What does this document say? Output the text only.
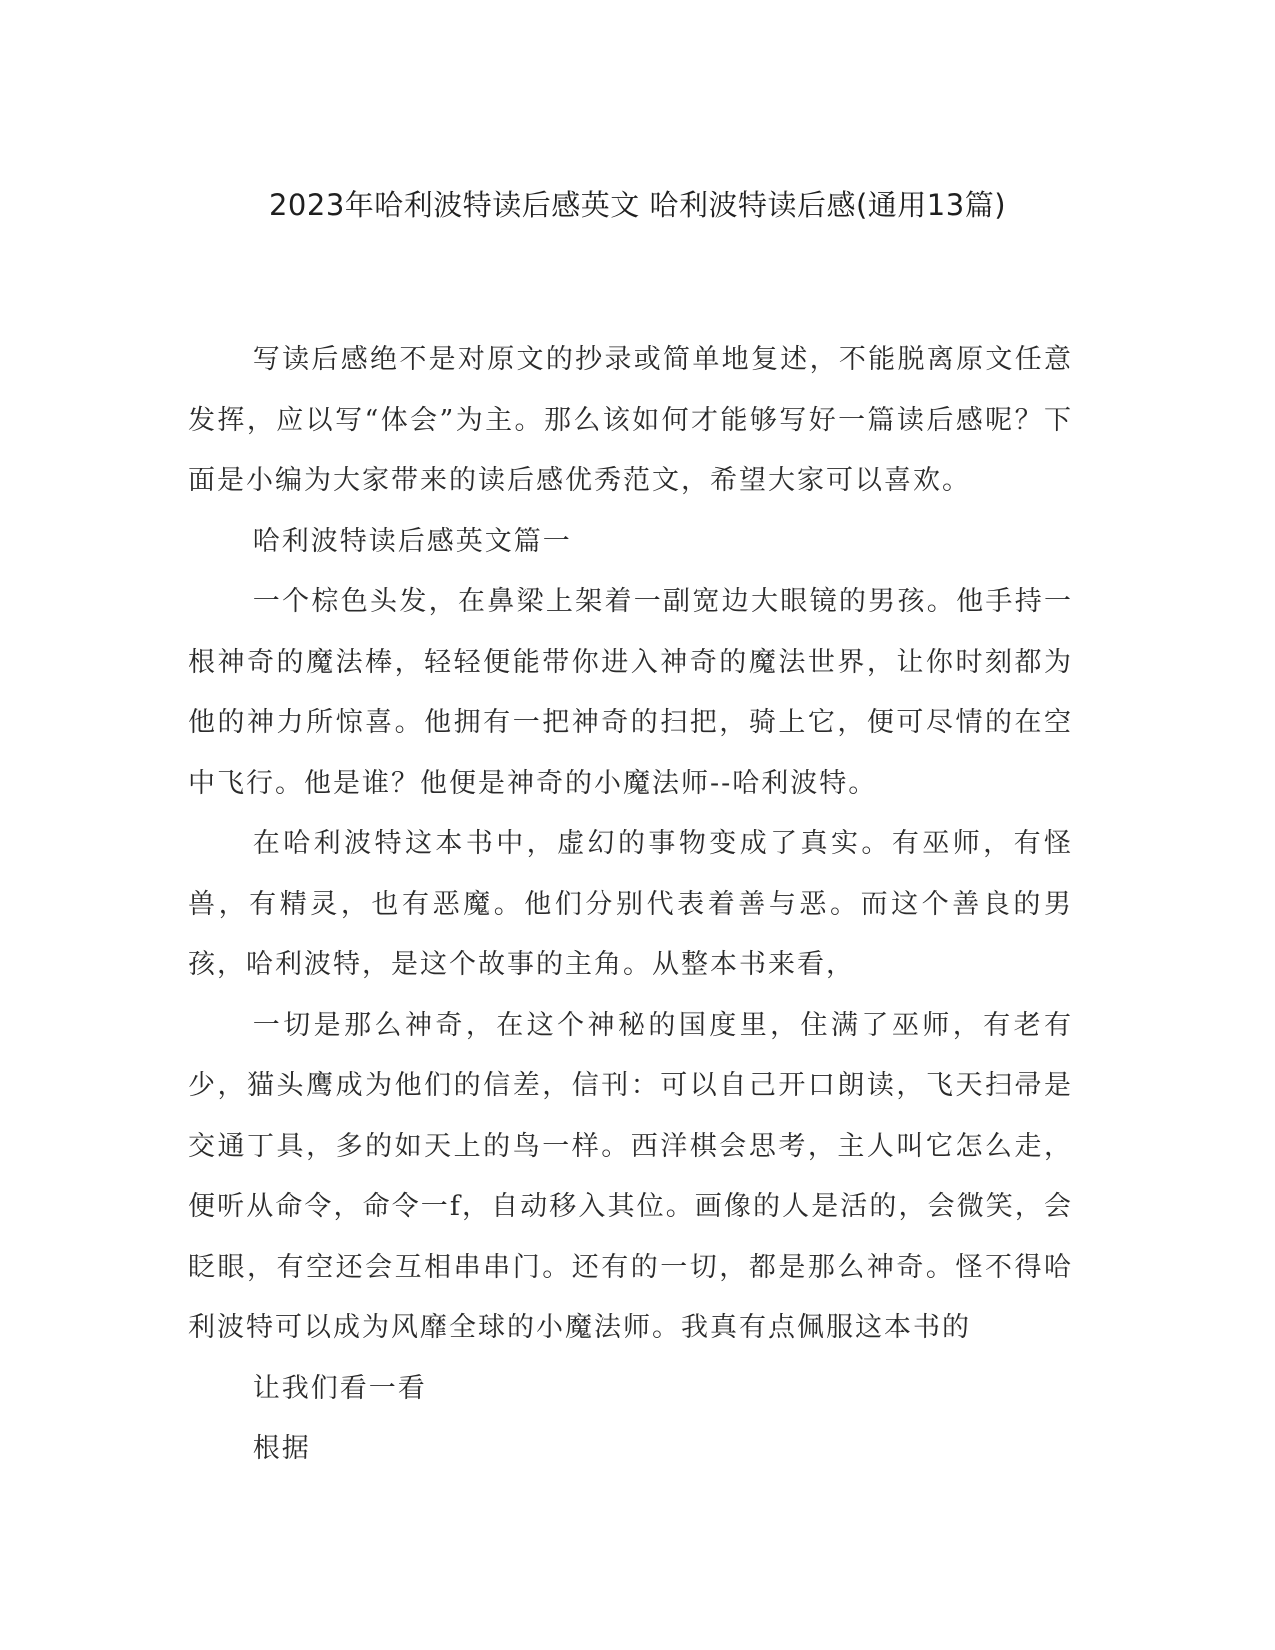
2023年哈利波特读后感英文 哈利波特读后感(通用13篇)

写读后感绝不是对原文的抄录或简单地复述，不能脱离原文任意发挥，应以写“体会”为主。那么该如何才能够写好一篇读后感呢？下面是小编为大家带来的读后感优秀范文，希望大家可以喜欢。

哈利波特读后感英文篇一

一个棕色头发，在鼻梁上架着一副宽边大眼镜的男孩。他手持一根神奇的魔法棒，轻轻便能带你进入神奇的魔法世界，让你时刻都为他的神力所惊喜。他拥有一把神奇的扫把，骑上它，便可尽情的在空中飞行。他是谁？他便是神奇的小魔法师--哈利波特。

在哈利波特这本书中，虚幻的事物变成了真实。有巫师，有怪兽，有精灵，也有恶魔。他们分别代表着善与恶。而这个善良的男孩，哈利波特，是这个故事的主角。从整本书来看，

一切是那么神奇，在这个神秘的国度里，住满了巫师，有老有少，猫头鹰成为他们的信差，信刊：可以自己开口朗读，飞天扫帚是交通丁具，多的如天上的鸟一样。西洋棋会思考，主人叫它怎么走，便听从命令，命令一f，自动移入其位。画像的人是活的，会微笑，会眨眼，有空还会互相串串门。还有的一切，都是那么神奇。怪不得哈利波特可以成为风靡全球的小魔法师。我真有点佩服这本书的

让我们看一看

根据
